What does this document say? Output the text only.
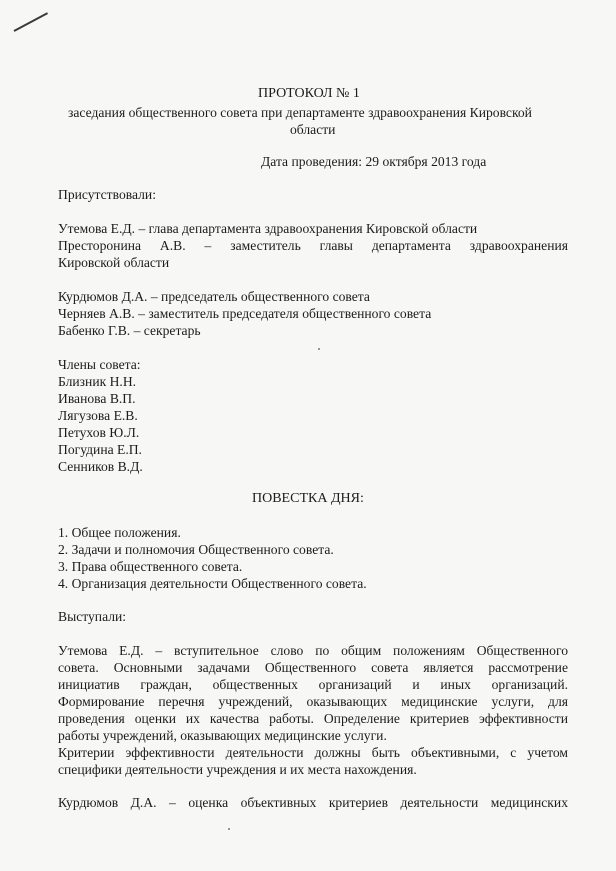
ПРОТОКОЛ № 1
заседания общественного совета при департаменте здравоохранения Кировской
области
Дата проведения: 29 октября 2013 года
Присутствовали:
Утемова Е.Д. – глава департамента здравоохранения Кировской области
Престоронина А.В. – заместитель главы департамента здравоохранения
Кировской области
Курдюмов Д.А. – председатель общественного совета
Черняев А.В. – заместитель председателя общественного совета
Бабенко Г.В. – секретарь
Члены совета:
Близник Н.Н.
Иванова В.П.
Лягузова Е.В.
Петухов Ю.Л.
Погудина Е.П.
Сенников В.Д.
ПОВЕСТКА ДНЯ:
1. Общее положения.
2. Задачи и полномочия Общественного совета.
3. Права общественного совета.
4. Организация деятельности Общественного совета.
Выступали:
Утемова Е.Д. – вступительное слово по общим положениям Общественного
совета. Основными задачами Общественного совета является рассмотрение
инициатив граждан, общественных организаций и иных организаций.
Формирование перечня учреждений, оказывающих медицинские услуги, для
проведения оценки их качества работы. Определение критериев эффективности
работы учреждений, оказывающих медицинские услуги.
Критерии эффективности деятельности должны быть объективными, с учетом
специфики деятельности учреждения и их места нахождения.
Курдюмов Д.А. – оценка объективных критериев деятельности медицинских
